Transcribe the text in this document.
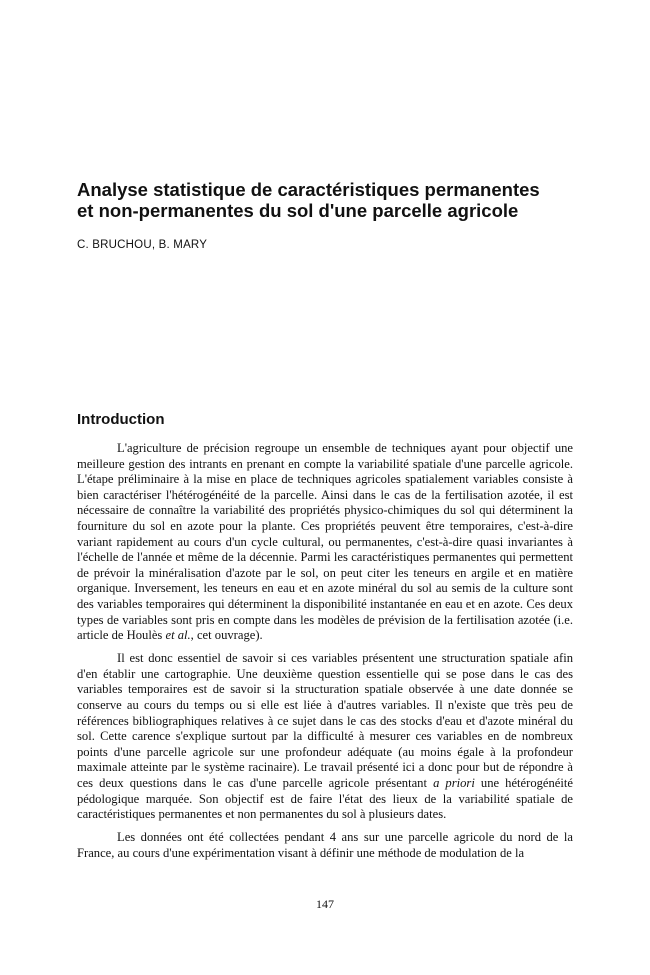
Analyse statistique de caractéristiques permanentes
et non-permanentes du sol d'une parcelle agricole

C. BRUCHOU, B. MARY

Introduction

L'agriculture de précision regroupe un ensemble de techniques ayant pour objectif une meilleure gestion des intrants en prenant en compte la variabilité spatiale d'une parcelle agricole. L'étape préliminaire à la mise en place de techniques agricoles spatialement variables consiste à bien caractériser l'hétérogénéité de la parcelle. Ainsi dans le cas de la fertilisation azotée, il est nécessaire de connaître la variabilité des propriétés physico-chimiques du sol qui déterminent la fourniture du sol en azote pour la plante. Ces propriétés peuvent être temporaires, c'est-à-dire variant rapidement au cours d'un cycle cultural, ou permanentes, c'est-à-dire quasi invariantes à l'échelle de l'année et même de la décennie. Parmi les caractéristiques permanentes qui permettent de prévoir la minéralisation d'azote par le sol, on peut citer les teneurs en argile et en matière organique. Inversement, les teneurs en eau et en azote minéral du sol au semis de la culture sont des variables temporaires qui déterminent la disponibilité instantanée en eau et en azote. Ces deux types de variables sont pris en compte dans les modèles de prévision de la fertilisation azotée (i.e. article de Houlès et al., cet ouvrage).

Il est donc essentiel de savoir si ces variables présentent une structuration spatiale afin d'en établir une cartographie. Une deuxième question essentielle qui se pose dans le cas des variables temporaires est de savoir si la structuration spatiale observée à une date donnée se conserve au cours du temps ou si elle est liée à d'autres variables. Il n'existe que très peu de références bibliographiques relatives à ce sujet dans le cas des stocks d'eau et d'azote minéral du sol. Cette carence s'explique surtout par la difficulté à mesurer ces variables en de nombreux points d'une parcelle agricole sur une profondeur adéquate (au moins égale à la profondeur maximale atteinte par le système racinaire). Le travail présenté ici a donc pour but de répondre à ces deux questions dans le cas d'une parcelle agricole présentant a priori une hétérogénéité pédologique marquée. Son objectif est de faire l'état des lieux de la variabilité spatiale de caractéristiques permanentes et non permanentes du sol à plusieurs dates.

Les données ont été collectées pendant 4 ans sur une parcelle agricole du nord de la France, au cours d'une expérimentation visant à définir une méthode de modulation de la

147
